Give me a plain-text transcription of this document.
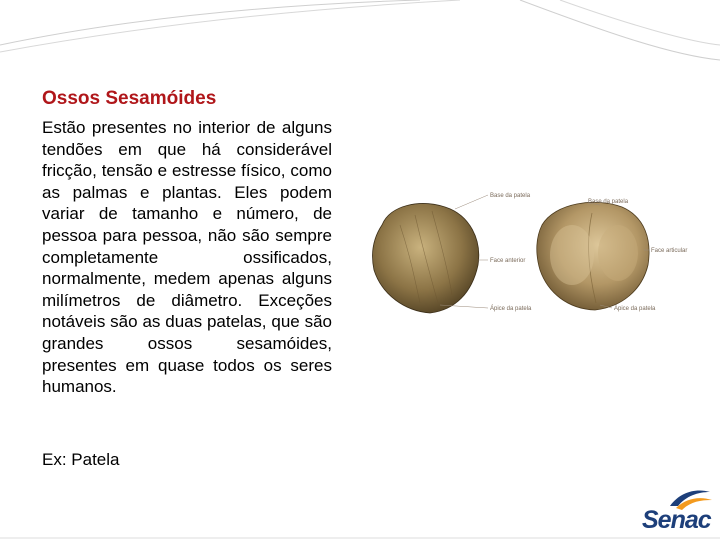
Ossos Sesamóides

Estão presentes no interior de alguns tendões em que há considerável fricção, tensão e estresse físico, como as palmas e plantas. Eles podem variar de tamanho e número, de pessoa para pessoa, não são sempre completamente ossificados, normalmente, medem apenas alguns milímetros de diâmetro. Exceções notáveis são as duas patelas, que são grandes ossos sesamóides, presentes em quase todos os seres humanos.

Ex: Patela

Base da patela
Face anterior
Ápice da patela
Base da patela
Face articular
Ápice da patela
Senac
